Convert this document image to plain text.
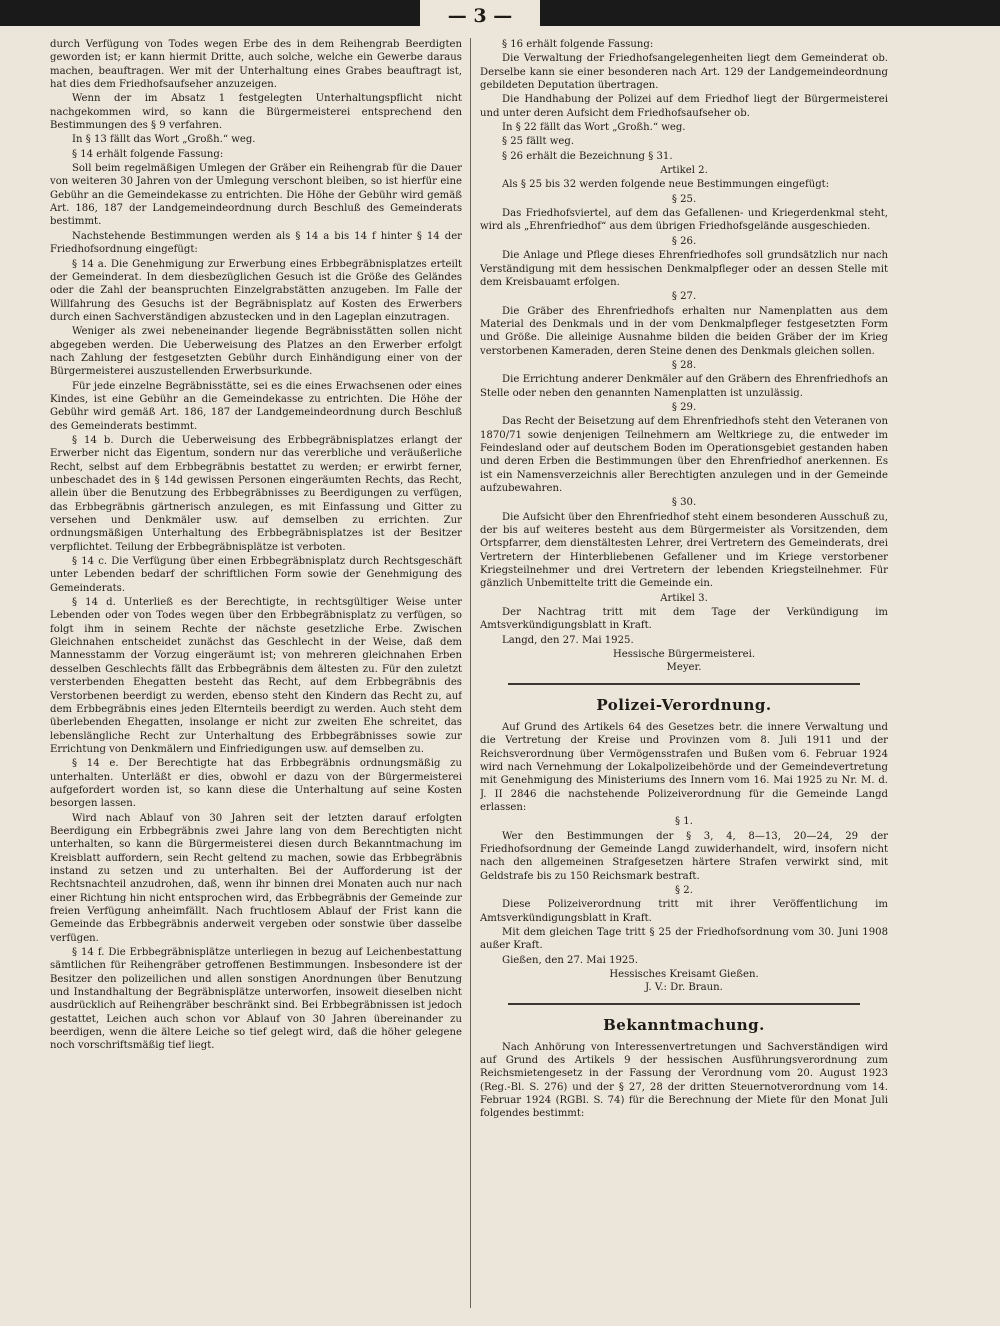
— 3 —

durch Verfügung von Todes wegen Erbe des in dem Reihengrab Beerdigten geworden ist; er kann hiermit Dritte, auch solche, welche ein Gewerbe daraus machen, beauftragen. Wer mit der Unterhaltung eines Grabes beauftragt ist, hat dies dem Friedhofsaufseher anzuzeigen.

Wenn der im Absatz 1 festgelegten Unterhaltungspflicht nicht nachgekommen wird, so kann die Bürgermeisterei entsprechend den Bestimmungen des § 9 verfahren.

In § 13 fällt das Wort „Großh.“ weg.

§ 14 erhält folgende Fassung:

Soll beim regelmäßigen Umlegen der Gräber ein Reihengrab für die Dauer von weiteren 30 Jahren von der Umlegung verschont bleiben, so ist hierfür eine Gebühr an die Gemeindekasse zu entrichten. Die Höhe der Gebühr wird gemäß Art. 186, 187 der Landgemeindeordnung durch Beschluß des Gemeinderats bestimmt.

Nachstehende Bestimmungen werden als § 14 a bis 14 f hinter § 14 der Friedhofsordnung eingefügt:

§ 14 a. Die Genehmigung zur Erwerbung eines Erbbegräbnisplatzes erteilt der Gemeinderat. In dem diesbezüglichen Gesuch ist die Größe des Geländes oder die Zahl der beanspruchten Einzelgrabstätten anzugeben. Im Falle der Willfahrung des Gesuchs ist der Begräbnisplatz auf Kosten des Erwerbers durch einen Sachverständigen abzustecken und in den Lageplan einzutragen.

Weniger als zwei nebeneinander liegende Begräbnisstätten sollen nicht abgegeben werden. Die Ueberweisung des Platzes an den Erwerber erfolgt nach Zahlung der festgesetzten Gebühr durch Einhändigung einer von der Bürgermeisterei auszustellenden Erwerbsurkunde.

Für jede einzelne Begräbnisstätte, sei es die eines Erwachsenen oder eines Kindes, ist eine Gebühr an die Gemeindekasse zu entrichten. Die Höhe der Gebühr wird gemäß Art. 186, 187 der Landgemeindeordnung durch Beschluß des Gemeinderats bestimmt.

§ 14 b. Durch die Ueberweisung des Erbbegräbnisplatzes erlangt der Erwerber nicht das Eigentum, sondern nur das vererbliche und veräußerliche Recht, selbst auf dem Erbbegräbnis bestattet zu werden; er erwirbt ferner, unbeschadet des in § 14d gewissen Personen eingeräumten Rechts, das Recht, allein über die Benutzung des Erbbegräbnisses zu Beerdigungen zu verfügen, das Erbbegräbnis gärtnerisch anzulegen, es mit Einfassung und Gitter zu versehen und Denkmäler usw. auf demselben zu errichten. Zur ordnungsmäßigen Unterhaltung des Erbbegräbnisplatzes ist der Besitzer verpflichtet. Teilung der Erbbegräbnisplätze ist verboten.

§ 14 c. Die Verfügung über einen Erbbegräbnisplatz durch Rechtsgeschäft unter Lebenden bedarf der schriftlichen Form sowie der Genehmigung des Gemeinderats.

§ 14 d. Unterließ es der Berechtigte, in rechtsgültiger Weise unter Lebenden oder von Todes wegen über den Erbbegräbnisplatz zu verfügen, so folgt ihm in seinem Rechte der nächste gesetzliche Erbe. Zwischen Gleichnahen entscheidet zunächst das Geschlecht in der Weise, daß dem Mannesstamm der Vorzug eingeräumt ist; von mehreren gleichnahen Erben desselben Geschlechts fällt das Erbbegräbnis dem ältesten zu. Für den zuletzt versterbenden Ehegatten besteht das Recht, auf dem Erbbegräbnis des Verstorbenen beerdigt zu werden, ebenso steht den Kindern das Recht zu, auf dem Erbbegräbnis eines jeden Elternteils beerdigt zu werden. Auch steht dem überlebenden Ehegatten, insolange er nicht zur zweiten Ehe schreitet, das lebenslängliche Recht zur Unterhaltung des Erbbegräbnisses sowie zur Errichtung von Denkmälern und Einfriedigungen usw. auf demselben zu.

§ 14 e. Der Berechtigte hat das Erbbegräbnis ordnungsmäßig zu unterhalten. Unterläßt er dies, obwohl er dazu von der Bürgermeisterei aufgefordert worden ist, so kann diese die Unterhaltung auf seine Kosten besorgen lassen.

Wird nach Ablauf von 30 Jahren seit der letzten darauf erfolgten Beerdigung ein Erbbegräbnis zwei Jahre lang von dem Berechtigten nicht unterhalten, so kann die Bürgermeisterei diesen durch Bekanntmachung im Kreisblatt auffordern, sein Recht geltend zu machen, sowie das Erbbegräbnis instand zu setzen und zu unterhalten. Bei der Aufforderung ist der Rechtsnachteil anzudrohen, daß, wenn ihr binnen drei Monaten auch nur nach einer Richtung hin nicht entsprochen wird, das Erbbegräbnis der Gemeinde zur freien Verfügung anheimfällt. Nach fruchtlosem Ablauf der Frist kann die Gemeinde das Erbbegräbnis anderweit vergeben oder sonstwie über dasselbe verfügen.

§ 14 f. Die Erbbegräbnisplätze unterliegen in bezug auf Leichenbestattung sämtlichen für Reihengräber getroffenen Bestimmungen. Insbesondere ist der Besitzer den polizeilichen und allen sonstigen Anordnungen über Benutzung und Instandhaltung der Begräbnisplätze unterworfen, insoweit dieselben nicht ausdrücklich auf Reihengräber beschränkt sind. Bei Erbbegräbnissen ist jedoch gestattet, Leichen auch schon vor Ablauf von 30 Jahren übereinander zu beerdigen, wenn die ältere Leiche so tief gelegt wird, daß die höher gelegene noch vorschriftsmäßig tief liegt.

§ 16 erhält folgende Fassung:

Die Verwaltung der Friedhofsangelegenheiten liegt dem Gemeinderat ob. Derselbe kann sie einer besonderen nach Art. 129 der Landgemeindeordnung gebildeten Deputation übertragen.

Die Handhabung der Polizei auf dem Friedhof liegt der Bürgermeisterei und unter deren Aufsicht dem Friedhofsaufseher ob.

In § 22 fällt das Wort „Großh.“ weg.

§ 25 fällt weg.

§ 26 erhält die Bezeichnung § 31.

Artikel 2.

Als § 25 bis 32 werden folgende neue Bestimmungen eingefügt:

§ 25.

Das Friedhofsviertel, auf dem das Gefallenen- und Kriegerdenkmal steht, wird als „Ehrenfriedhof“ aus dem übrigen Friedhofsgelände ausgeschieden.

§ 26.

Die Anlage und Pflege dieses Ehrenfriedhofes soll grundsätzlich nur nach Verständigung mit dem hessischen Denkmalpfleger oder an dessen Stelle mit dem Kreisbauamt erfolgen.

§ 27.

Die Gräber des Ehrenfriedhofs erhalten nur Namenplatten aus dem Material des Denkmals und in der vom Denkmalpfleger festgesetzten Form und Größe. Die alleinige Ausnahme bilden die beiden Gräber der im Krieg verstorbenen Kameraden, deren Steine denen des Denkmals gleichen sollen.

§ 28.

Die Errichtung anderer Denkmäler auf den Gräbern des Ehrenfriedhofs an Stelle oder neben den genannten Namenplatten ist unzulässig.

§ 29.

Das Recht der Beisetzung auf dem Ehrenfriedhofs steht den Veteranen von 1870/71 sowie denjenigen Teilnehmern am Weltkriege zu, die entweder im Feindesland oder auf deutschem Boden im Operationsgebiet gestanden haben und deren Erben die Bestimmungen über den Ehrenfriedhof anerkennen. Es ist ein Namensverzeichnis aller Berechtigten anzulegen und in der Gemeinde aufzubewahren.

§ 30.

Die Aufsicht über den Ehrenfriedhof steht einem besonderen Ausschuß zu, der bis auf weiteres besteht aus dem Bürgermeister als Vorsitzenden, dem Ortspfarrer, dem dienstältesten Lehrer, drei Vertretern des Gemeinderats, drei Vertretern der Hinterbliebenen Gefallener und im Kriege verstorbener Kriegsteilnehmer und drei Vertretern der lebenden Kriegsteilnehmer. Für gänzlich Unbemittelte tritt die Gemeinde ein.

Artikel 3.

Der Nachtrag tritt mit dem Tage der Verkündigung im Amtsverkündigungsblatt in Kraft.

Langd, den 27. Mai 1925.

Hessische Bürgermeisterei.
Meyer.
Polizei-Verordnung.

Auf Grund des Artikels 64 des Gesetzes betr. die innere Verwaltung und die Vertretung der Kreise und Provinzen vom 8. Juli 1911 und der Reichsverordnung über Vermögensstrafen und Bußen vom 6. Februar 1924 wird nach Vernehmung der Lokalpolizeibehörde und der Gemeindevertretung mit Genehmigung des Ministeriums des Innern vom 16. Mai 1925 zu Nr. M. d. J. II 2846 die nachstehende Polizeiverordnung für die Gemeinde Langd erlassen:

§ 1.

Wer den Bestimmungen der § 3, 4, 8—13, 20—24, 29 der Friedhofsordnung der Gemeinde Langd zuwiderhandelt, wird, insofern nicht nach den allgemeinen Strafgesetzen härtere Strafen verwirkt sind, mit Geldstrafe bis zu 150 Reichsmark bestraft.

§ 2.

Diese Polizeiverordnung tritt mit ihrer Veröffentlichung im Amtsverkündigungsblatt in Kraft.

Mit dem gleichen Tage tritt § 25 der Friedhofsordnung vom 30. Juni 1908 außer Kraft.

Gießen, den 27. Mai 1925.

Hessisches Kreisamt Gießen.
J. V.: Dr. Braun.
Bekanntmachung.

Nach Anhörung von Interessenvertretungen und Sachverständigen wird auf Grund des Artikels 9 der hessischen Ausführungsverordnung zum Reichsmietengesetz in der Fassung der Verordnung vom 20. August 1923 (Reg.-Bl. S. 276) und der § 27, 28 der dritten Steuernotverordnung vom 14. Februar 1924 (RGBl. S. 74) für die Berechnung der Miete für den Monat Juli folgendes bestimmt:
